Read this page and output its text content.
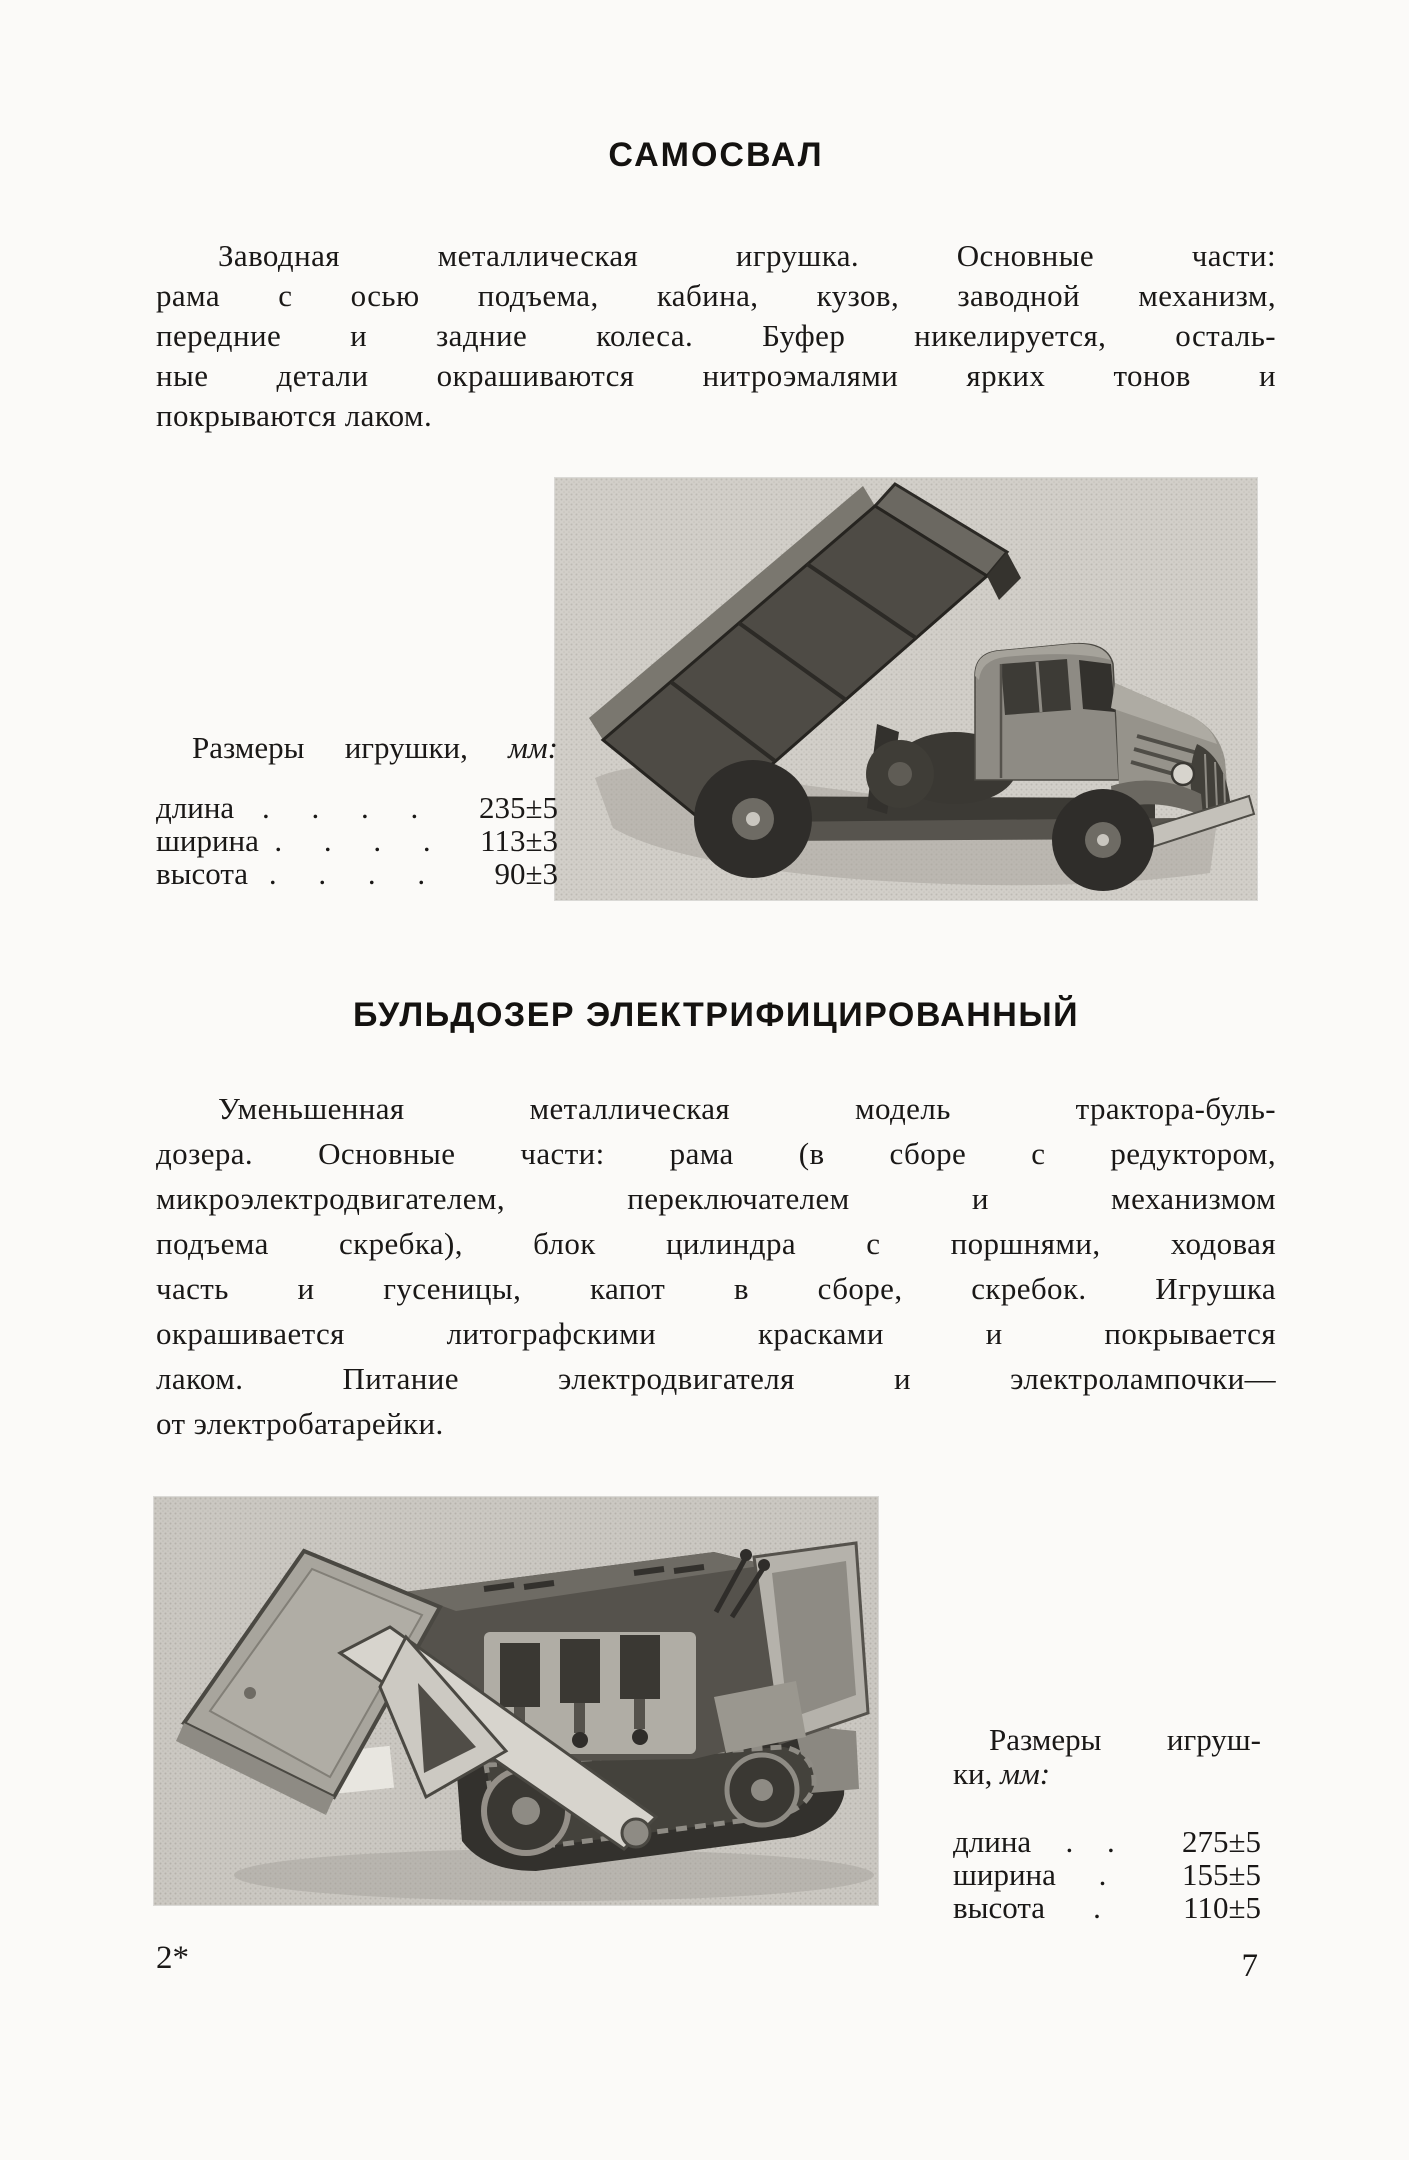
САМОСВАЛ
Заводная металлическая игрушка. Основные части:
рама с осью подъема, кабина, кузов, заводной механизм,
передние и задние колеса. Буфер никелируется, осталь-
ные детали окрашиваются нитроэмалями ярких тонов и
покрываются лаком.
Размеры игрушки, мм:
длина . . . .	235±5
ширина . . . .	113±3
высота . . . .	90±3
БУЛЬДОЗЕР ЭЛЕКТРИФИЦИРОВАННЫЙ
Уменьшенная металлическая модель трактора-буль-
дозера. Основные части: рама (в сборе с редуктором,
микроэлектродвигателем, переключателем и механизмом
подъема скребка), блок цилиндра с поршнями, ходовая
часть и гусеницы, капот в сборе, скребок. Игрушка
окрашивается литографскими красками и покрывается
лаком. Питание электродвигателя и электролампочки—
от электробатарейки.
Размеры игруш-
ки, мм:
длина	. .	275±5
ширина	.	155±5
высота	.	110±5
2*	7
